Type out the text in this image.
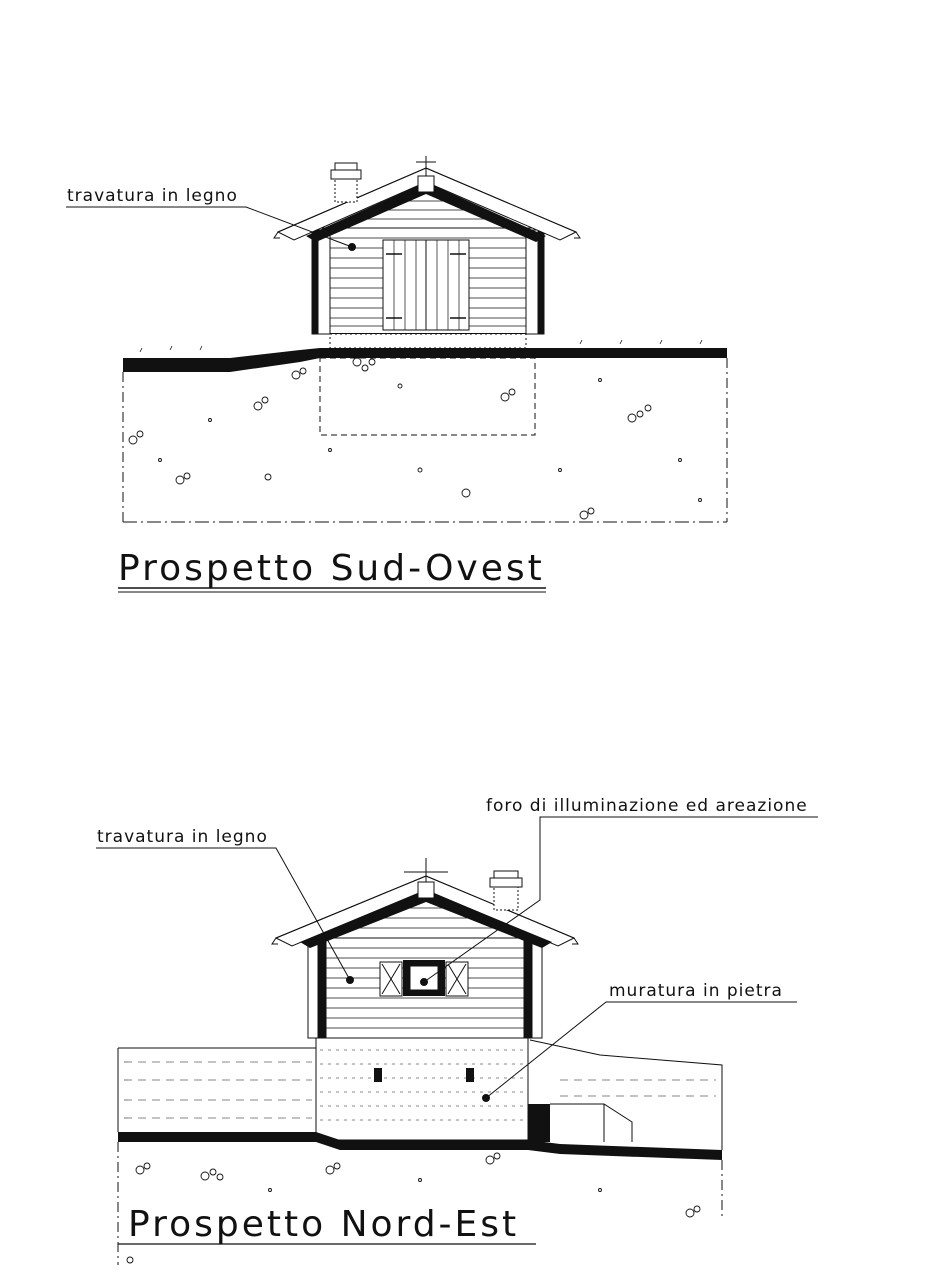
travatura in legno
Prospetto Sud-Ovest
travatura in legno
foro di illuminazione ed areazione
muratura in pietra
Prospetto Nord-Est
